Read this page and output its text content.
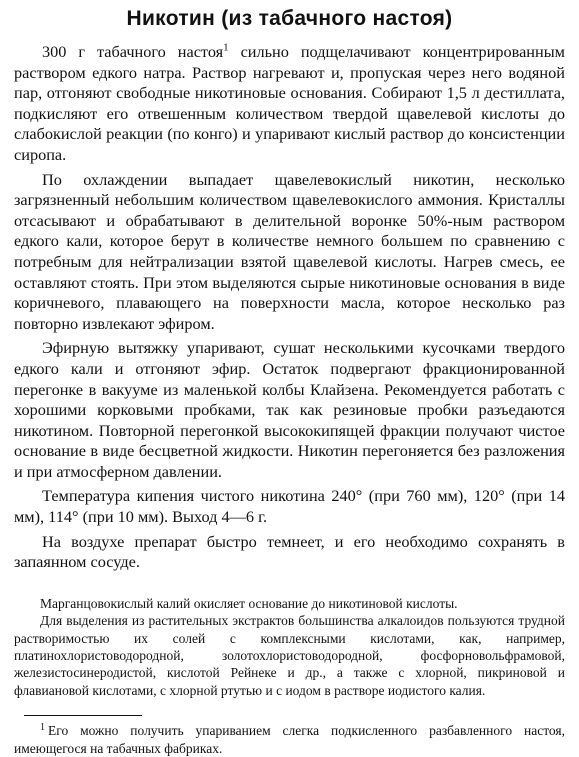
Никотин (из табачного настоя)

300 г табачного настоя$^1$ сильно подщелачивают концентрированным раствором едкого натра. Раствор нагревают и, пропуская через него водяной пар, отгоняют свободные никотиновые основания. Собирают 1,5 л дестиллата, подкисляют его отвешенным количеством твердой щавелевой кислоты до слабокислой реакции (по конго) и упаривают кислый раствор до консистенции сиропа.

По охлаждении выпадает щавелевокислый никотин, несколько загрязненный небольшим количеством щавелевокислого аммония. Кристаллы отсасывают и обрабатывают в делительной воронке 50%-ным раствором едкого кали, которое берут в количестве немного большем по сравнению с потребным для нейтрализации взятой щавелевой кислоты. Нагрев смесь, ее оставляют стоять. При этом выделяются сырые никотиновые основания в виде коричневого, плавающего на поверхности масла, которое несколько раз повторно извлекают эфиром.

Эфирную вытяжку упаривают, сушат несколькими кусочками твердого едкого кали и отгоняют эфир. Остаток подвергают фракционированной перегонке в вакууме из маленькой колбы Клайзена. Рекомендуется работать с хорошими корковыми пробками, так как резиновые пробки разъедаются никотином. Повторной перегонкой высококипящей фракции получают чистое основание в виде бесцветной жидкости. Никотин перегоняется без разложения и при атмосферном давлении.

Температура кипения чистого никотина 240° (при 760 мм), 120° (при 14 мм), 114° (при 10 мм). Выход 4—6 г.

На воздухе препарат быстро темнеет, и его необходимо сохранять в запаянном сосуде.

Марганцовокислый калий окисляет основание до никотиновой кислоты.

Для выделения из растительных экстрактов большинства алкалоидов пользуются трудной растворимостью их солей с комплексными кислотами, как, например, платинохлористоводородной, золотохлористоводородной, фосфорновольфрамовой, железистосинеродистой, кислотой Рейнеке и др., а также с хлорной, пикриновой и флавиановой кислотами, с хлорной ртутью и с иодом в растворе иодистого калия.

$^1$ Его можно получить упариванием слегка подкисленного разбавленного настоя, имеющегося на табачных фабриках.
